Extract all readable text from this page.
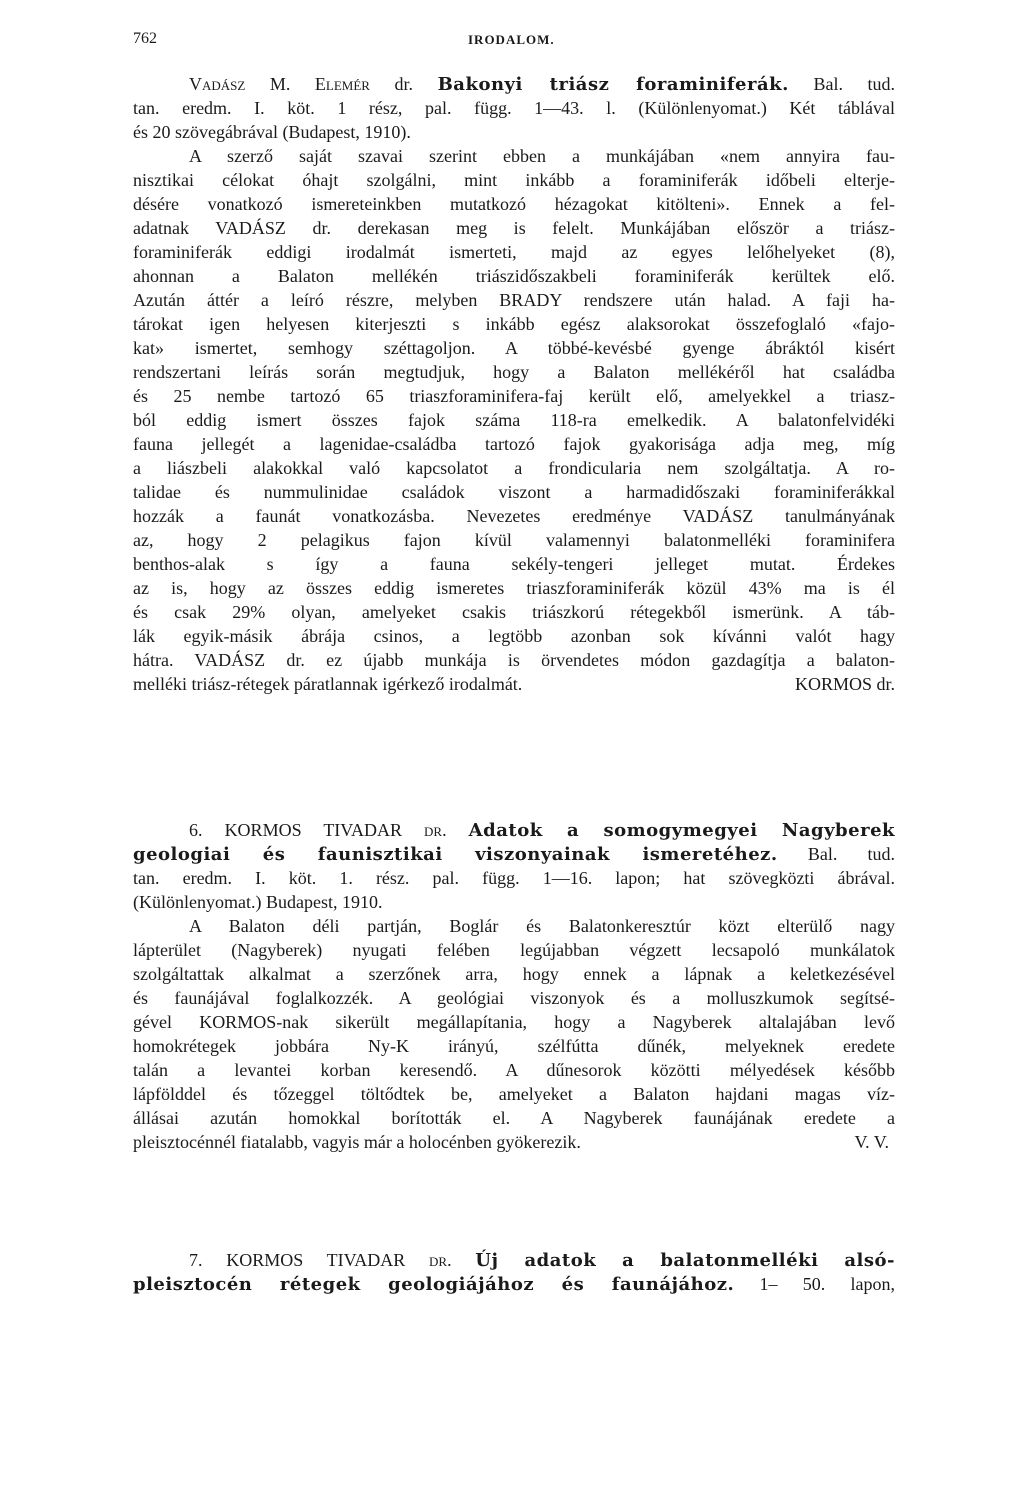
762	IRODALOM.
Vadász M. Elemér dr. Bakonyi triász foraminiferák. Bal. tud.
tan. eredm. I. köt. 1 rész, pal. függ. 1—43. l. (Különlenyomat.) Két táblával
és 20 szövegábrával (Budapest, 1910).
A szerző saját szavai szerint ebben a munkájában «nem annyira fau-
nisztikai célokat óhajt szolgálni, mint inkább a foraminiferák időbeli elterje-
désére vonatkozó ismereteinkben mutatkozó hézagokat kitölteni». Ennek a fel-
adatnak VADÁSZ dr. derekasan meg is felelt. Munkájában először a triász-
foraminiferák eddigi irodalmát ismerteti, majd az egyes lelőhelyeket (8),
ahonnan a Balaton mellékén triászidőszakbeli foraminiferák kerültek elő.
Azután áttér a leíró részre, melyben BRADY rendszere után halad. A faji ha-
tárokat igen helyesen kiterjeszti s inkább egész alaksorokat összefoglaló «fajo-
kat» ismertet, semhogy széttagoljon. A többé-kevésbé gyenge ábráktól kisért
rendszertani leírás során megtudjuk, hogy a Balaton mellékéről hat családba
és 25 nembe tartozó 65 triaszforaminifera-faj került elő, amelyekkel a triasz-
ból eddig ismert összes fajok száma 118-ra emelkedik. A balatonfelvidéki
fauna jellegét a lagenidae-családba tartozó fajok gyakorisága adja meg, míg
a liászbeli alakokkal való kapcsolatot a frondicularia nem szolgáltatja. A ro-
talidae és nummulinidae családok viszont a harmadidőszaki foraminiferákkal
hozzák a faunát vonatkozásba. Nevezetes eredménye VADÁSZ tanulmányának
az, hogy 2 pelagikus fajon kívül valamennyi balatonmelléki foraminifera
benthos-alak s így a fauna sekély-tengeri jelleget mutat. Érdekes
az is, hogy az összes eddig ismeretes triaszforaminiferák közül 43% ma is él
és csak 29% olyan, amelyeket csakis triászkorú rétegekből ismerünk. A táb-
lák egyik-másik ábrája csinos, a legtöbb azonban sok kívánni valót hagy
hátra. VADÁSZ dr. ez újabb munkája is örvendetes módon gazdagítja a balaton-
melléki triász-rétegek páratlannak igérkező irodalmát.	KORMOS dr.
6. KORMOS TIVADAR dr. Adatok a somogymegyei Nagyberek
geologiai és faunisztikai viszonyainak ismeretéhez. Bal. tud.
tan. eredm. I. köt. 1. rész. pal. függ. 1—16. lapon; hat szövegközti ábrával.
(Különlenyomat.) Budapest, 1910.
A Balaton déli partján, Boglár és Balatonkeresztúr közt elterülő nagy
lápterület (Nagyberek) nyugati felében legújabban végzett lecsapoló munkálatok
szolgáltattak alkalmat a szerzőnek arra, hogy ennek a lápnak a keletkezésével
és faunájával foglalkozzék. A geológiai viszonyok és a molluszkumok segítsé-
gével KORMOS-nak sikerült megállapítania, hogy a Nagyberek altalajában levő
homokrétegek jobbára Ny-K irányú, szélfútta dűnék, melyeknek eredete
talán a levantei korban keresendő. A dűnesorok közötti mélyedések később
lápfölddel és tőzeggel töltődtek be, amelyeket a Balaton hajdani magas víz-
állásai azután homokkal borították el. A Nagyberek faunájának eredete a
pleisztocénnél fiatalabb, vagyis már a holocénben gyökerezik.	V. V.
7. KORMOS TIVADAR dr. Új adatok a balatonmelléki alsó-
pleisztocén rétegek geologiájához és faunájához. 1– 50. lapon,
